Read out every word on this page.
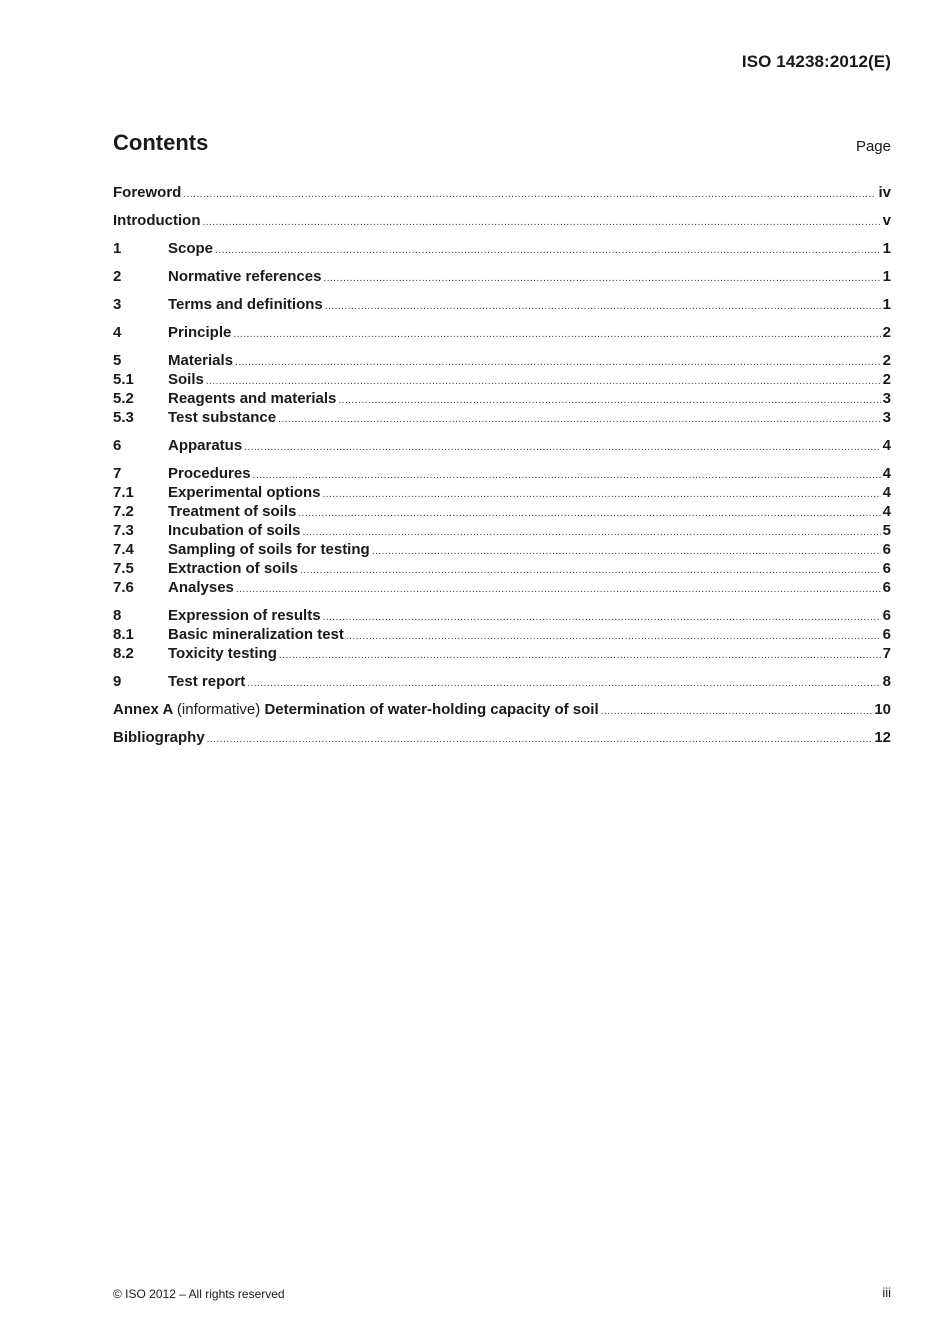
ISO 14238:2012(E)
Contents	Page
Foreword .....	iv
Introduction .....	v
1	Scope .....	1
2	Normative references .....	1
3	Terms and definitions .....	1
4	Principle .....	2
5	Materials .....	2
5.1	Soils .....	2
5.2	Reagents and materials .....	3
5.3	Test substance .....	3
6	Apparatus .....	4
7	Procedures .....	4
7.1	Experimental options .....	4
7.2	Treatment of soils .....	4
7.3	Incubation of soils .....	5
7.4	Sampling of soils for testing .....	6
7.5	Extraction of soils .....	6
7.6	Analyses .....	6
8	Expression of results .....	6
8.1	Basic mineralization test .....	6
8.2	Toxicity testing .....	7
9	Test report .....	8
Annex A (informative) Determination of water-holding capacity of soil .....	10
Bibliography .....	12
© ISO 2012 – All rights reserved	iii
